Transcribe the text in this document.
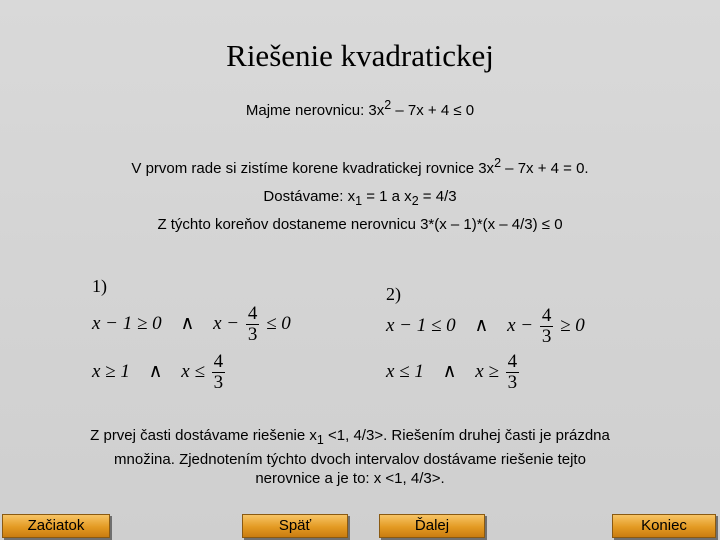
Riešenie kvadratickej
Majme nerovnicu: $3x^2 - 7x + 4 \le 0$
V prvom rade si zistíme korene kvadratickej rovnice $3x^2 - 7x + 4 = 0$.
Dostávame: $x_1 = 1$ a $x_2 = 4/3$
Z týchto koreňov dostaneme nerovnicu 3*(x – 1)*(x – 4/3) ≤ 0
1)
x − 1 ≥ 0 ∧ $x - \frac{4}{3} \le 0$
x ≥ 1 ∧ $x \le \frac{4}{3}$
2)
x − 1 ≤ 0 ∧ $x - \frac{4}{3} \ge 0$
x ≤ 1 ∧ $x \ge \frac{4}{3}$
Z prvej časti dostávame riešenie $x_1 <1$, 4/3>. Riešením druhej časti je prázdna množina. Zjednotením týchto dvoch intervalov dostávame riešenie tejto nerovnice a je to: x <1, 4/3>.
Začiatok	Späť	Ďalej	Koniec
